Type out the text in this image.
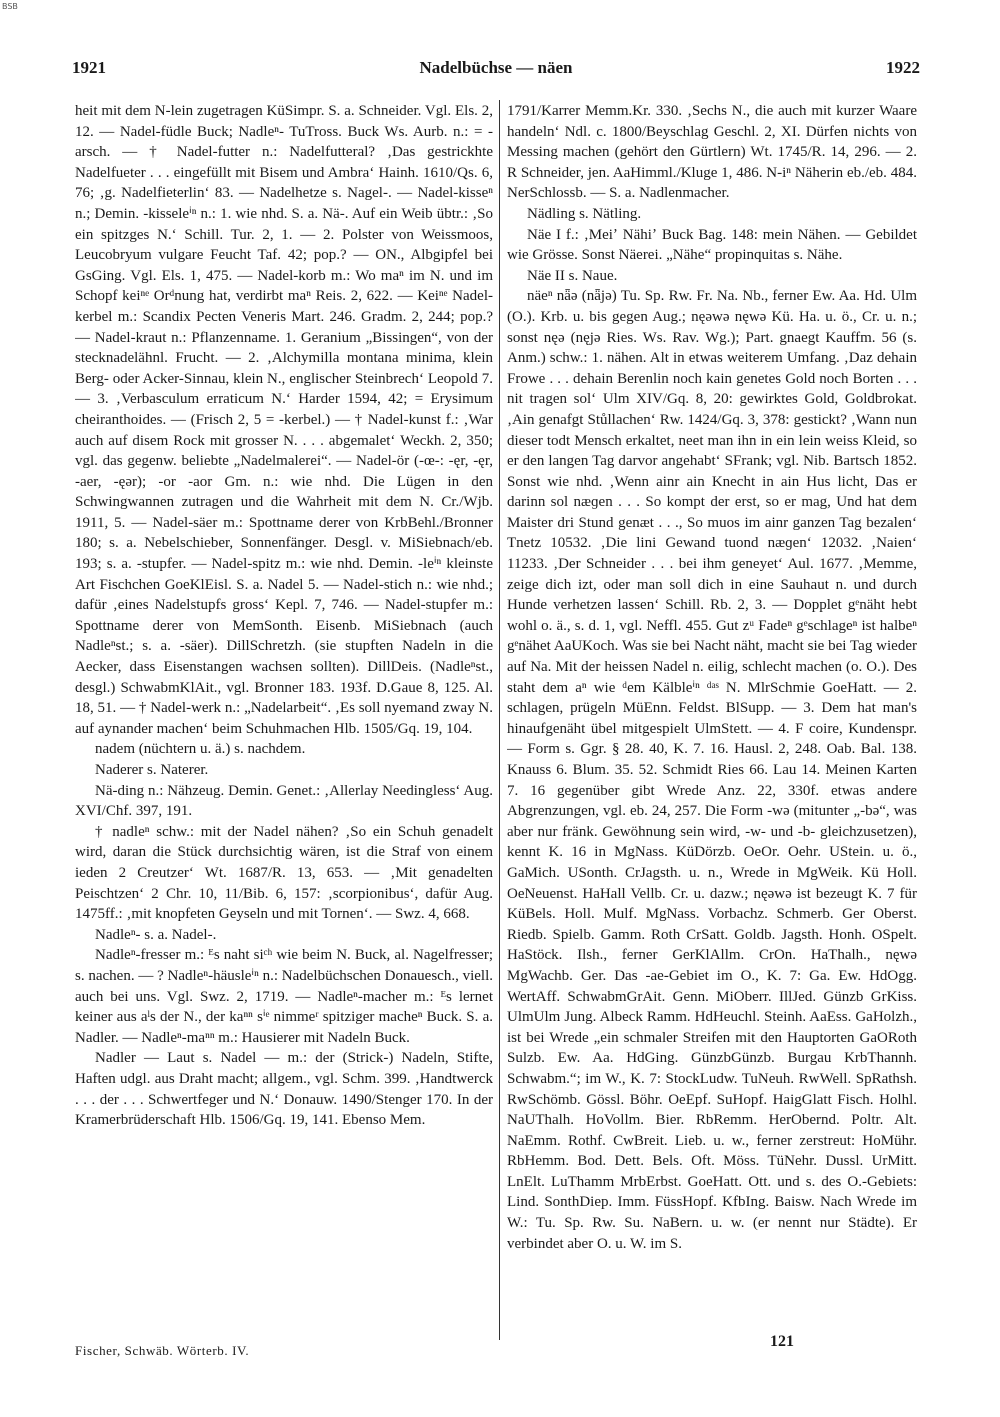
BSB
1921	Nadelbüchse — näen	1922

heit mit dem N-lein zugetragen KüSimpr. S. a. Schneider. Vgl. Els. 2, 12. — Nadel-füdle Buck; Nadleⁿ- TuTross. Buck Ws. Aurb. n.: = -arsch. — † Nadel-futter n.: Nadelfutteral? ‚Das gestrickhte Nadelfueter . . . eingefüllt mit Bisem und Ambra‘ Hainh. 1610/Qs. 6, 76; ‚g. Nadelfieterlin‘ 83. — Nadelhetze s. Nagel-. — Nadel-kisseⁿ n.; Demin. -kisseleⁱⁿ n.: 1. wie nhd. S. a. Nä-. Auf ein Weib übtr.: ‚So ein spitzges N.‘ Schill. Tur. 2, 1. — 2. Polster von Weissmoos, Leucobryum vulgare Feucht Taf. 42; pop.? — ON., Albgipfel bei GsGing. Vgl. Els. 1, 475. — Nadel-korb m.: Wo maⁿ im N. und im Schopf keiⁿᵉ Orᵈnung hat, verdirbt maⁿ Reis. 2, 622. — Keiⁿᵉ Nadel-kerbel m.: Scandix Pecten Veneris Mart. 246. Gradm. 2, 244; pop.? — Nadel-kraut n.: Pflanzenname. 1. Geranium „Bissingen“, von der stecknadelähnl. Frucht. — 2. ‚Alchymilla montana minima, klein Berg- oder Acker-Sinnau, klein N., englischer Steinbrech‘ Leopold 7. — 3. ‚Verbasculum erraticum N.‘ Harder 1594, 42; = Erysimum cheiranthoides. — (Frisch 2, 5 = -kerbel.) — † Nadel-kunst f.: ‚War auch auf disem Rock mit grosser N. . . . abgemalet‘ Weckh. 2, 350; vgl. das gegenw. beliebte „Nadelmalerei“. — Nadel-ör (-œ-: -ęr, -ęr, -aer, -ęər); -or -aor Gm. n.: wie nhd. Die Lügen in den Schwingwannen zutragen und die Wahrheit mit dem N. Cr./Wjb. 1911, 5. — Nadel-säer m.: Spottname derer von KrbBehl./Bronner 180; s. a. Nebelschieber, Sonnenfänger. Desgl. v. MiSiebnach/eb. 193; s. a. -stupfer. — Nadel-spitz m.: wie nhd. Demin. -leⁱⁿ kleinste Art Fischchen GoeKlEisl. S. a. Nadel 5. — Nadel-stich n.: wie nhd.; dafür ‚eines Nadelstupfs gross‘ Kepl. 7, 746. — Nadel-stupfer m.: Spottname derer von MemSonth. Eisenb. MiSiebnach (auch Nadleⁿst.; s. a. -säer). DillSchretzh. (sie stupften Nadeln in die Aecker, dass Eisenstangen wachsen sollten). DillDeis. (Nadleⁿst., desgl.) SchwabmKlAit., vgl. Bronner 183. 193f. D.Gaue 8, 125. Al. 18, 51. — † Nadel-werk n.: „Nadelarbeit“. ‚Es soll nyemand zway N. auf aynander machen‘ beim Schuhmachen Hlb. 1505/Gq. 19, 104.

nadem (nüchtern u. ä.) s. nachdem.

Naderer s. Naterer.

Nä-ding n.: Nähzeug. Demin. Genet.: ‚Allerlay Needingless‘ Aug. XVI/Chf. 397, 191.

† nadleⁿ schw.: mit der Nadel nähen? ‚So ein Schuh genadelt wird, daran die Stück durchsichtig wären, ist die Straf von einem ieden 2 Creutzer‘ Wt. 1687/R. 13, 653. — ‚Mit genadelten Peischtzen‘ 2 Chr. 10, 11/Bib. 6, 157: ‚scorpionibus‘, dafür Aug. 1475ff.: ‚mit knopfeten Geyseln und mit Tornen‘. — Swz. 4, 668.

Nadleⁿ- s. a. Nadel-.

Nadleⁿ-fresser m.: ᴱs naht siᶜʰ wie beim N. Buck, al. Nagelfresser; s. nachen. — ? Nadleⁿ-häusleⁱⁿ n.: Nadelbüchschen Donauesch., viell. auch bei uns. Vgl. Swz. 2, 1719. — Nadleⁿ-macher m.: ᴱs lernet keiner aus aˡs der N., der kaⁿⁿ sⁱᵉ nimmeʳ spitziger macheⁿ Buck. S. a. Nadler. — Nadleⁿ-maⁿⁿ m.: Hausierer mit Nadeln Buck.

Nadler — Laut s. Nadel — m.: der (Strick-) Nadeln, Stifte, Haften udgl. aus Draht macht; allgem., vgl. Schm. 399. ‚Handtwerck . . . der . . . Schwertfeger und N.‘ Donauw. 1490/Stenger 170. In der Kramerbrüderschaft Hlb. 1506/Gq. 19, 141. Ebenso Mem.

1791/Karrer Memm.Kr. 330. ‚Sechs N., die auch mit kurzer Waare handeln‘ Ndl. c. 1800/Beyschlag Geschl. 2, XI. Dürfen nichts von Messing machen (gehört den Gürtlern) Wt. 1745/R. 14, 296. — 2. R Schneider, jen. AaHimml./Kluge 1, 486. N-iⁿ Näherin eb./eb. 484. NerSchlossb. — S. a. Nadlenmacher.

Nädling s. Nätling.

Näe I f.: ‚Meiʼ Nähiʼ Buck Bag. 148: mein Nähen. — Gebildet wie Grösse. Sonst Näerei. „Nähe“ propinquitas s. Nähe.

Näe II s. Naue.

näeⁿ nǟə (nǟjə) Tu. Sp. Rw. Fr. Na. Nb., ferner Ew. Aa. Hd. Ulm (O.). Krb. u. bis gegen Aug.; nęəwə nęwə Kü. Ha. u. ö., Cr. u. n.; sonst nęə (nęjə Ries. Ws. Rav. Wg.); Part. gnaegt Kauffm. 56 (s. Anm.) schw.: 1. nähen. Alt in etwas weiterem Umfang. ‚Daz dehain Frowe . . . dehain Berenlin noch kain genetes Gold noch Borten . . . nit tragen sol‘ Ulm XIV/Gq. 8, 20: gewirktes Gold, Goldbrokat. ‚Ain genafgt Stůllachen‘ Rw. 1424/Gq. 3, 378: gestickt? ‚Wann nun dieser todt Mensch erkaltet, neet man ihn in ein lein weiss Kleid, so er den langen Tag darvor angehabt‘ SFrank; vgl. Nib. Bartsch 1852. Sonst wie nhd. ‚Wenn ainr ain Knecht in ain Hus licht, Das er darinn sol næɡen . . . So kompt der erst, so er mag, Und hat dem Maister dri Stund genæt . . ., So muos im ainr ganzen Tag bezalen‘ Tnetz 10532. ‚Die lini Gewand tuond næɡen‘ 12032. ‚Naien‘ 11233. ‚Der Schneider . . . bei ihm geneyet‘ Aul. 1677. ‚Memme, zeige dich izt, oder man soll dich in eine Sauhaut n. und durch Hunde verhetzen lassen‘ Schill. Rb. 2, 3. — Dopplet gᵉnäht hebt wohl o. ä., s. d. 1, vgl. Neffl. 455. Gut zᵘ Fadeⁿ gᵉschlageⁿ ist halbeⁿ gᵉnähet AaUKoch. Was sie bei Nacht näht, macht sie bei Tag wieder auf Na. Mit der heissen Nadel n. eilig, schlecht machen (o. O.). Des staht dem aⁿ wie ᵈem Kälbleⁱⁿ ᵈᵃˢ N. MlrSchmie GoeHatt. — 2. schlagen, prügeln MüEnn. Feldst. BlSupp. — 3. Dem hat man's hinaufgenäht übel mitgespielt UlmStett. — 4. F coire, Kundenspr. — Form s. Ggr. § 28. 40, K. 7. 16. Hausl. 2, 248. Oab. Bal. 138. Knauss 6. Blum. 35. 52. Schmidt Ries 66. Lau 14. Meinen Karten 7. 16 gegenüber gibt Wrede Anz. 22, 330f. etwas andere Abgrenzungen, vgl. eb. 24, 257. Die Form -wə (mitunter „-bə“, was aber nur fränk. Gewöhnung sein wird, -w- und -b- gleichzusetzen), kennt K. 16 in MgNass. KüDörzb. OeOr. Oehr. UStein. u. ö., GaMich. USonth. CrJagsth. u. n., Wrede in MgWeik. Kü Holl. OeNeuenst. HaHall Vellb. Cr. u. dazw.; nęəwə ist bezeugt K. 7 für KüBels. Holl. Mulf. MgNass. Vorbachz. Schmerb. Ger Oberst. Riedb. Spielb. Gamm. Roth CrSatt. Goldb. Jagsth. Honh. OSpelt. HaStöck. Ilsh., ferner GerKlAllm. CrOn. HaThalh., nęwə MgWachb. Ger. Das -ae-Gebiet im O., K. 7: Ga. Ew. HdOgg. WertAff. SchwabmGrAit. Genn. MiOberr. IllJed. Günzb GrKiss. UlmUlm Jung. Albeck Ramm. HdHeuchl. Steinh. AaEss. GaHolzh., ist bei Wrede „ein schmaler Streifen mit den Hauptorten GaORoth Sulzb. Ew. Aa. HdGing. GünzbGünzb. Burgau KrbThannh. Schwabm.“; im W., K. 7: StockLudw. TuNeuh. RwWell. SpRathsh. RwSchömb. Gössl. Böhr. OeEpf. SuHopf. HaigGlatt Fisch. Holhl. NaUThalh. HoVollm. Bier. RbRemm. HerObernd. Poltr. Alt. NaEmm. Rothf. CwBreit. Lieb. u. w., ferner zerstreut: HoMühr. RbHemm. Bod. Dett. Bels. Oft. Möss. TüNehr. Dussl. UrMitt. LnElt. LuThamm MrbErbst. GoeHatt. Ott. und s. des O.-Gebiets: Lind. SonthDiep. Imm. FüssHopf. KfbIng. Baisw. Nach Wrede im W.: Tu. Sp. Rw. Su. NaBern. u. w. (er nennt nur Städte). Er verbindet aber O. u. W. im S.

Fischer, Schwäb. Wörterb. IV.
121
